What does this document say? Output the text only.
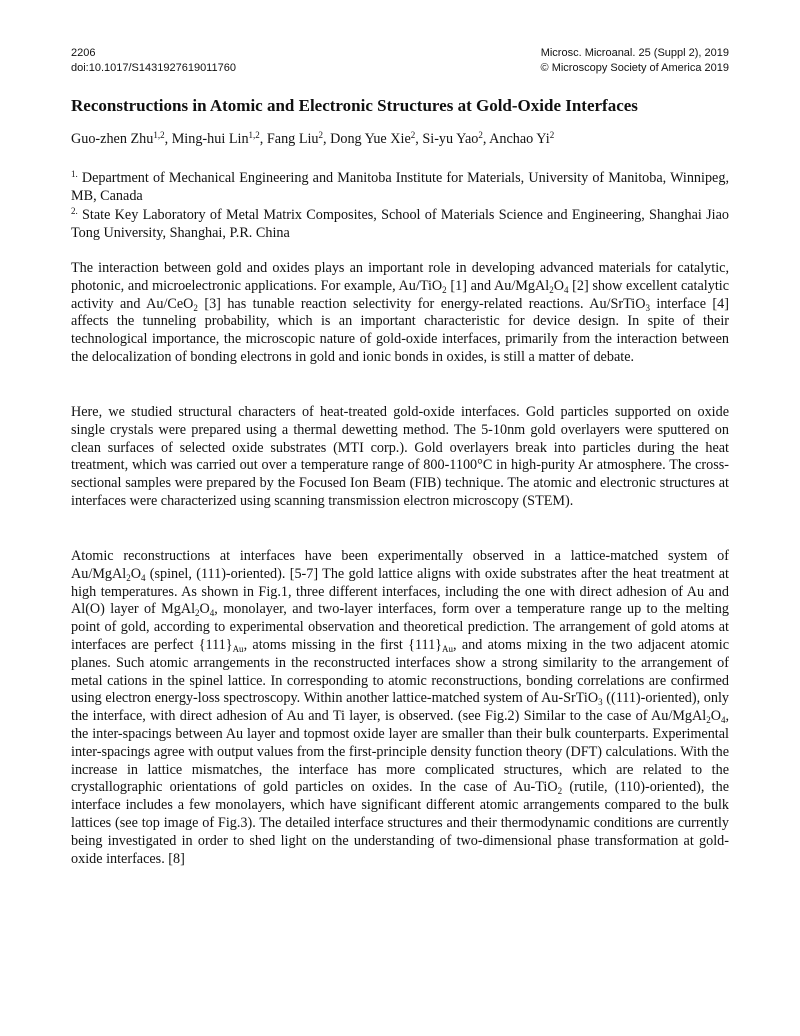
2206
doi:10.1017/S1431927619011760
Microsc. Microanal. 25 (Suppl 2), 2019
© Microscopy Society of America 2019
Reconstructions in Atomic and Electronic Structures at Gold-Oxide Interfaces
Guo-zhen Zhu$^{1,2}$, Ming-hui Lin$^{1,2}$, Fang Liu$^2$, Dong Yue Xie$^2$, Si-yu Yao$^2$, Anchao Yi$^2$
$^{1.}$ Department of Mechanical Engineering and Manitoba Institute for Materials, University of Manitoba, Winnipeg, MB, Canada
$^{2.}$ State Key Laboratory of Metal Matrix Composites, School of Materials Science and Engineering, Shanghai Jiao Tong University, Shanghai, P.R. China
The interaction between gold and oxides plays an important role in developing advanced materials for catalytic, photonic, and microelectronic applications. For example, Au/TiO$_2$ [1] and $Au/MgAl_2O_4$ [2] show excellent catalytic activity and Au/CeO$_2$ [3] has tunable reaction selectivity for energy-related reactions. Au/SrTiO$_3$ interface [4] affects the tunneling probability, which is an important characteristic for device design. In spite of their technological importance, the microscopic nature of gold-oxide interfaces, primarily from the interaction between the delocalization of bonding electrons in gold and ionic bonds in oxides, is still a matter of debate.
Here, we studied structural characters of heat-treated gold-oxide interfaces. Gold particles supported on oxide single crystals were prepared using a thermal dewetting method. The 5-10nm gold overlayers were sputtered on clean surfaces of selected oxide substrates (MTI corp.). Gold overlayers break into particles during the heat treatment, which was carried out over a temperature range of 800-1100°C in high-purity Ar atmosphere. The cross-sectional samples were prepared by the Focused Ion Beam (FIB) technique. The atomic and electronic structures at interfaces were characterized using scanning transmission electron microscopy (STEM).
Atomic reconstructions at interfaces have been experimentally observed in a lattice-matched system of $Au/MgAl_2O_4$ (spinel, (111)-oriented). [5-7] The gold lattice aligns with oxide substrates after the heat treatment at high temperatures. As shown in Fig.1, three different interfaces, including the one with direct adhesion of Au and Al(O) layer of $MgAl_2O_4$, monolayer, and two-layer interfaces, form over a temperature range up to the melting point of gold, according to experimental observation and theoretical prediction. The arrangement of gold atoms at interfaces are perfect $\{111\}_{Au}$, atoms missing in the first $\{111\}_{Au}$, and atoms mixing in the two adjacent atomic planes. Such atomic arrangements in the reconstructed interfaces show a strong similarity to the arrangement of metal cations in the spinel lattice. In corresponding to atomic reconstructions, bonding correlations are confirmed using electron energy-loss spectroscopy. Within another lattice-matched system of Au-SrTiO$_3$ ((111)-oriented), only the interface, with direct adhesion of Au and Ti layer, is observed. (see Fig.2) Similar to the case of $Au/MgAl_2O_4$, the inter-spacings between Au layer and topmost oxide layer are smaller than their bulk counterparts. Experimental inter-spacings agree with output values from the first-principle density function theory (DFT) calculations. With the increase in lattice mismatches, the interface has more complicated structures, which are related to the crystallographic orientations of gold particles on oxides. In the case of Au-TiO$_2$ (rutile, (110)-oriented), the interface includes a few monolayers, which have significant different atomic arrangements compared to the bulk lattices (see top image of Fig.3). The detailed interface structures and their thermodynamic conditions are currently being investigated in order to shed light on the understanding of two-dimensional phase transformation at gold-oxide interfaces. [8]
